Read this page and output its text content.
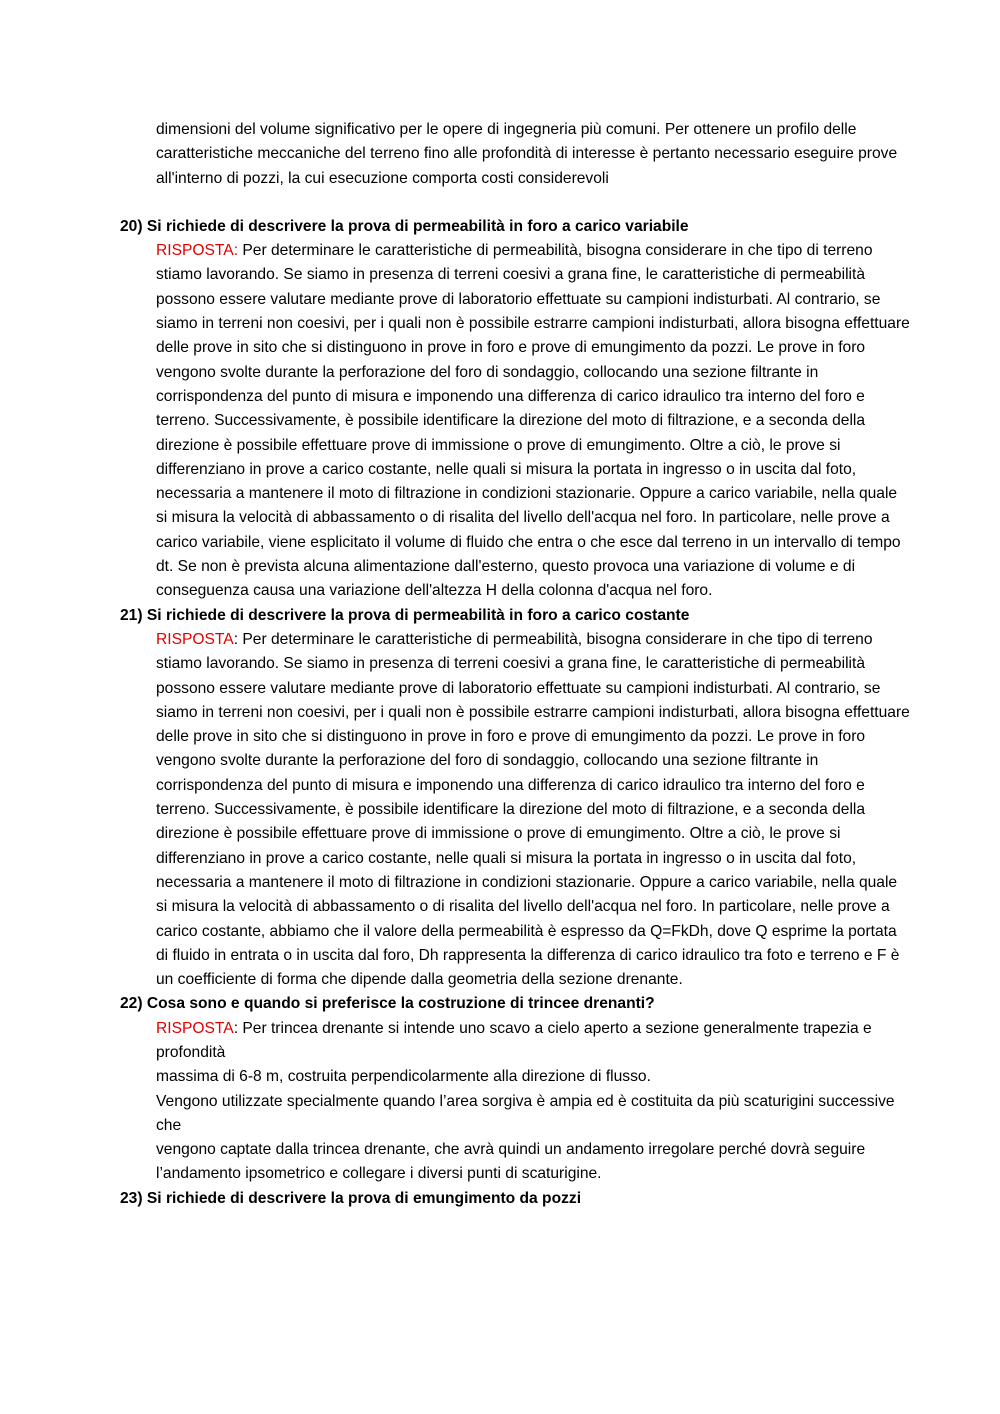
dimensioni del volume significativo per le opere di ingegneria più comuni. Per ottenere un profilo delle caratteristiche meccaniche del terreno fino alle profondità di interesse è pertanto necessario eseguire prove all'interno di pozzi, la cui esecuzione comporta costi considerevoli

20) Si richiede di descrivere la prova di permeabilità in foro a carico variabile

RISPOSTA: Per determinare le caratteristiche di permeabilità, bisogna considerare in che tipo di terreno stiamo lavorando. Se siamo in presenza di terreni coesivi a grana fine, le caratteristiche di permeabilità possono essere valutare mediante prove di laboratorio effettuate su campioni indisturbati. Al contrario, se siamo in terreni non coesivi, per i quali non è possibile estrarre campioni indisturbati, allora bisogna effettuare delle prove in sito che si distinguono in prove in foro e prove di emungimento da pozzi. Le prove in foro vengono svolte durante la perforazione del foro di sondaggio, collocando una sezione filtrante in corrispondenza del punto di misura e imponendo una differenza di carico idraulico tra interno del foro e terreno. Successivamente, è possibile identificare la direzione del moto di filtrazione, e a seconda della direzione è possibile effettuare prove di immissione o prove di emungimento. Oltre a ciò, le prove si differenziano in prove a carico costante, nelle quali si misura la portata in ingresso o in uscita dal foto, necessaria a mantenere il moto di filtrazione in condizioni stazionarie. Oppure a carico variabile, nella quale si misura la velocità di abbassamento o di risalita del livello dell'acqua nel foro. In particolare, nelle prove a carico variabile, viene esplicitato il volume di fluido che entra o che esce dal terreno in un intervallo di tempo dt. Se non è prevista alcuna alimentazione dall'esterno, questo provoca una variazione di volume e di conseguenza causa una variazione dell'altezza H della colonna d'acqua nel foro.

21) Si richiede di descrivere la prova di permeabilità in foro a carico costante

RISPOSTA: Per determinare le caratteristiche di permeabilità, bisogna considerare in che tipo di terreno stiamo lavorando. Se siamo in presenza di terreni coesivi a grana fine, le caratteristiche di permeabilità possono essere valutare mediante prove di laboratorio effettuate su campioni indisturbati. Al contrario, se siamo in terreni non coesivi, per i quali non è possibile estrarre campioni indisturbati, allora bisogna effettuare delle prove in sito che si distinguono in prove in foro e prove di emungimento da pozzi. Le prove in foro vengono svolte durante la perforazione del foro di sondaggio, collocando una sezione filtrante in corrispondenza del punto di misura e imponendo una differenza di carico idraulico tra interno del foro e terreno. Successivamente, è possibile identificare la direzione del moto di filtrazione, e a seconda della direzione è possibile effettuare prove di immissione o prove di emungimento. Oltre a ciò, le prove si differenziano in prove a carico costante, nelle quali si misura la portata in ingresso o in uscita dal foto, necessaria a mantenere il moto di filtrazione in condizioni stazionarie. Oppure a carico variabile, nella quale si misura la velocità di abbassamento o di risalita del livello dell'acqua nel foro. In particolare, nelle prove a carico costante, abbiamo che il valore della permeabilità è espresso da Q=FkDh, dove Q esprime la portata di fluido in entrata o in uscita dal foro, Dh rappresenta la differenza di carico idraulico tra foto e terreno e F è un coefficiente di forma che dipende dalla geometria della sezione drenante.

22) Cosa sono e quando si preferisce la costruzione di trincee drenanti?

RISPOSTA: Per trincea drenante si intende uno scavo a cielo aperto a sezione generalmente trapezia e profondità
massima di 6-8 m, costruita perpendicolarmente alla direzione di flusso.
Vengono utilizzate specialmente quando l’area sorgiva è ampia ed è costituita da più scaturigini successive che
vengono captate dalla trincea drenante, che avrà quindi un andamento irregolare perché dovrà seguire
l’andamento ipsometrico e collegare i diversi punti di scaturigine.

23) Si richiede di descrivere la prova di emungimento da pozzi
